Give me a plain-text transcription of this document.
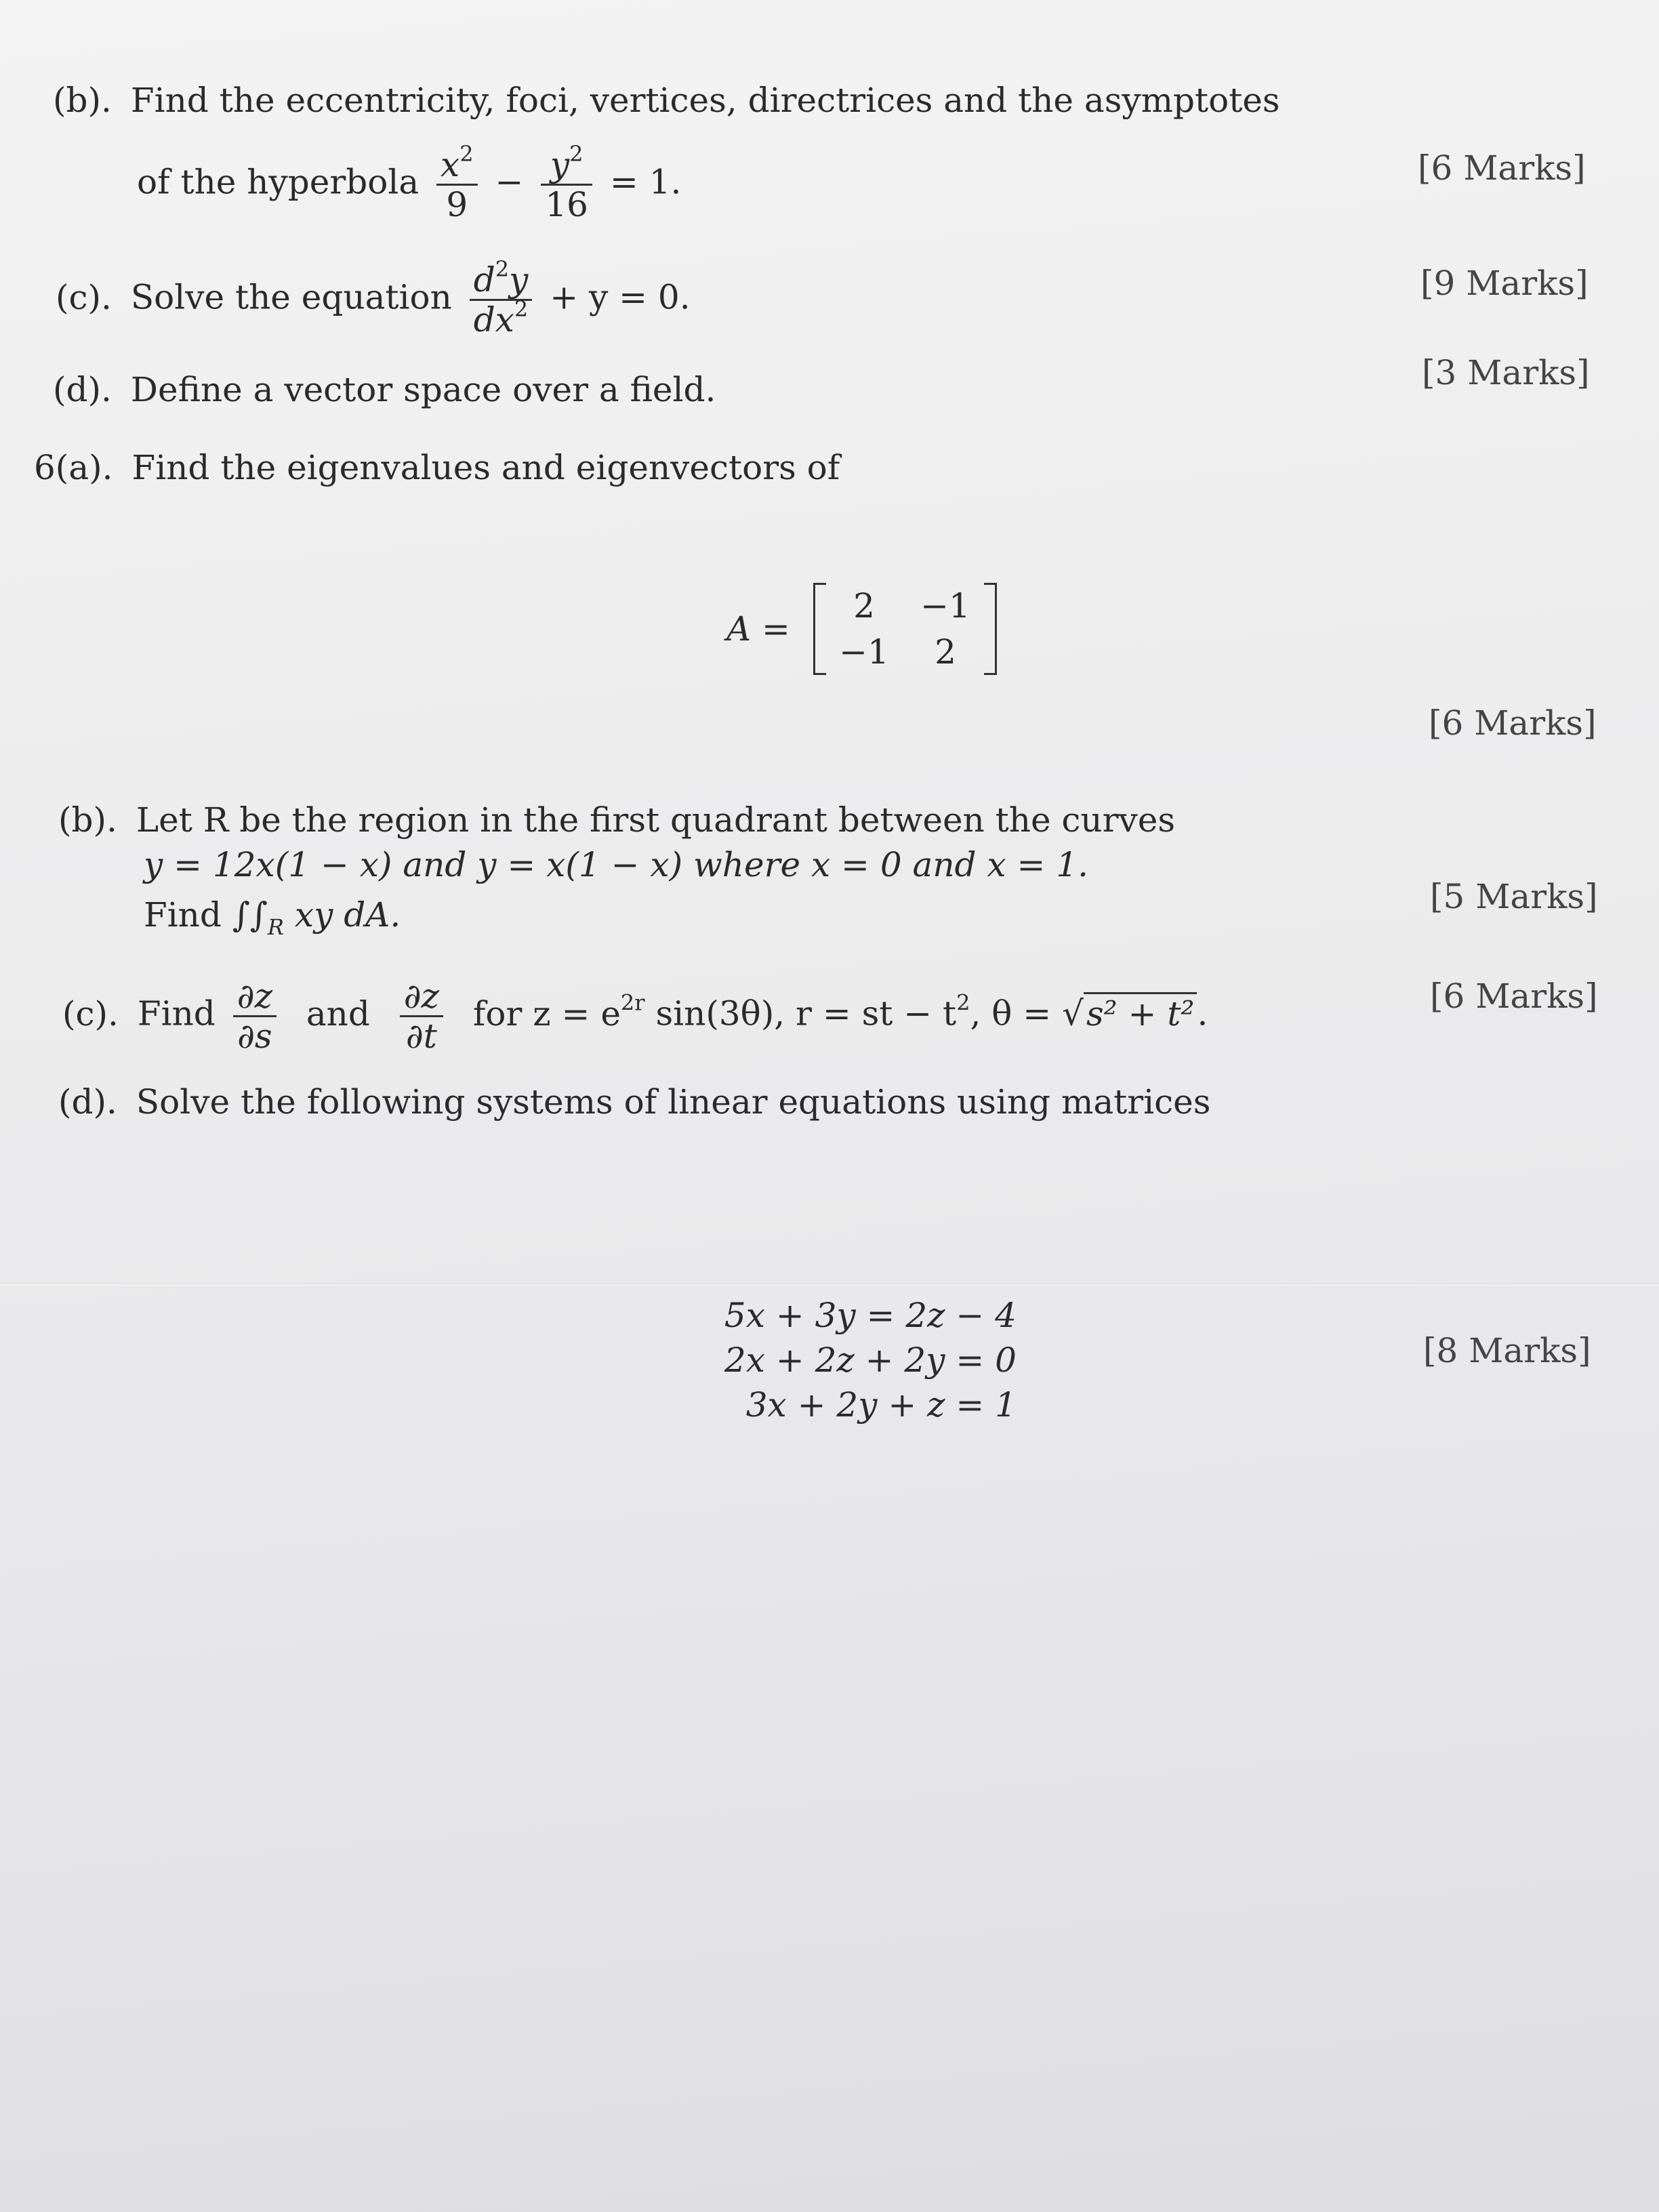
(b). Find the eccentricity, foci, vertices, directrices and the asymptotes
of the hyperbola $\frac{x^2}{9} - \frac{y^2}{16} = 1$.	[6 Marks]
(c). Solve the equation $\frac{d^2y}{dx^2} + y = 0$.	[9 Marks]
(d). Define a vector space over a field.	[3 Marks]
6(a). Find the eigenvalues and eigenvectors of
A =
2	−1
−1	2
[6 Marks]
(b). Let R be the region in the first quadrant between the curves
y = 12x(1 − x) and y = x(1 − x) where x = 0 and x = 1.
Find $\int\int_R$ xy dA.	[5 Marks]
(c). Find $\frac{\partial z}{\partial s}$ and $\frac{\partial z}{\partial t}$ for $z = e^{2r}$ sin(3θ), r = st − $t^2$, θ = √s² + t².	[6 Marks]
(d). Solve the following systems of linear equations using matrices
5x + 3y = 2z − 4
2x + 2z + 2y = 0
3x + 2y + z = 1
[8 Marks]
